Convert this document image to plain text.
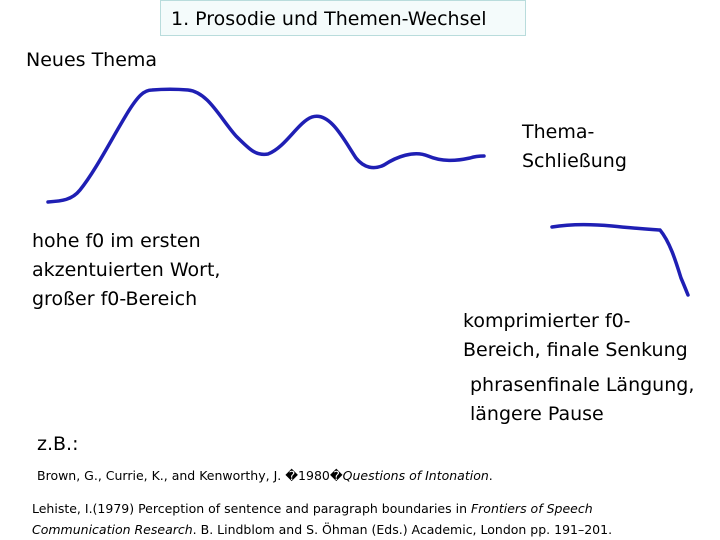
1. Prosodie und Themen-Wechsel
Neues Thema
Thema-
Schließung
hohe f0 im ersten
akzentuierten Wort,
großer f0-Bereich
komprimierter f0-
Bereich, finale Senkung
phrasenfinale Längung,
längere Pause
z.B.:
Brown, G., Currie, K., and Kenworthy, J. �1980�Questions of Intonation.
Lehiste, I.(1979) Perception of sentence and paragraph boundaries in Frontiers of Speech
Communication Research. B. Lindblom and S. Öhman (Eds.) Academic, London pp. 191–201.
